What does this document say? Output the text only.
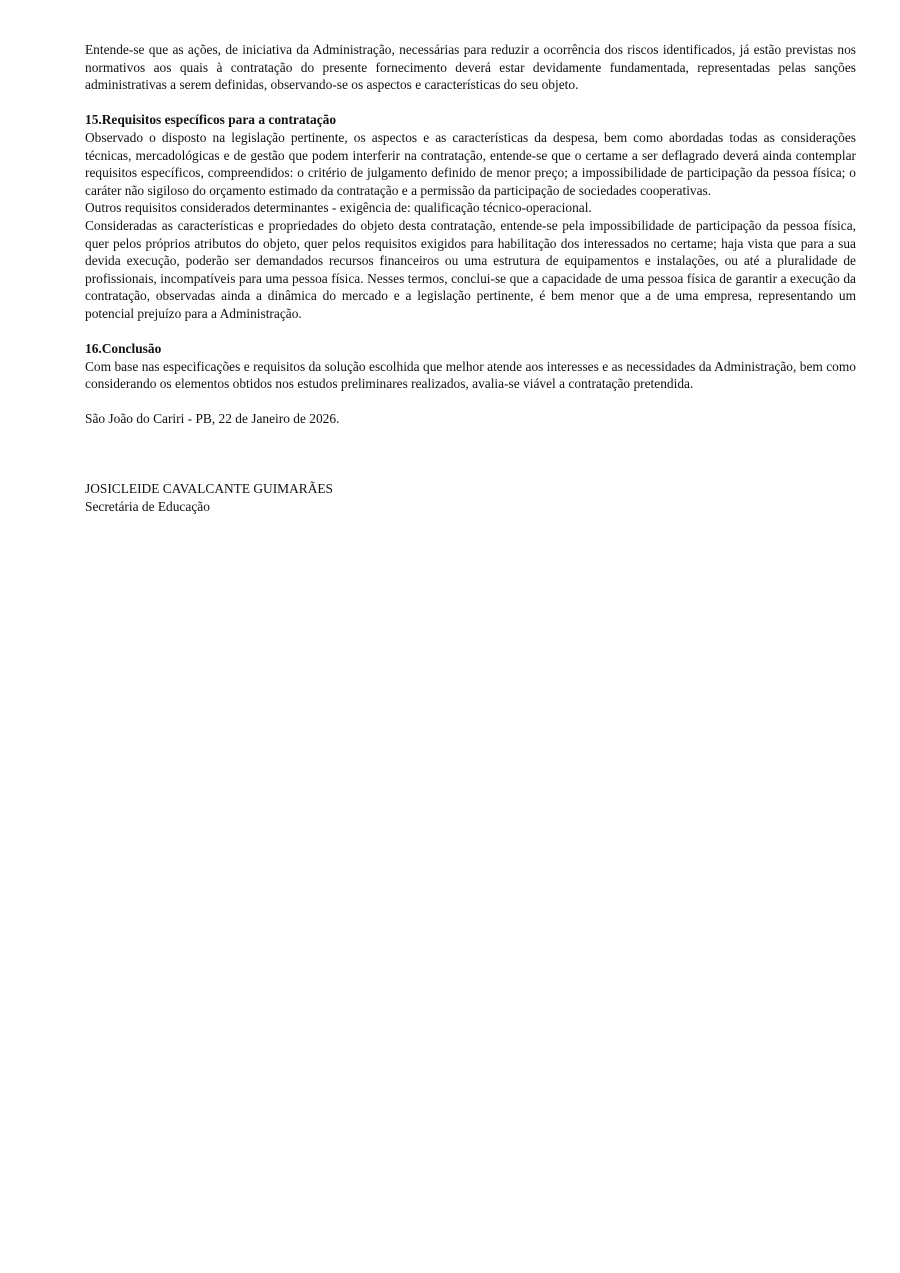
Entende-se que as ações, de iniciativa da Administração, necessárias para reduzir a ocorrência dos riscos identificados, já estão previstas nos normativos aos quais à contratação do presente fornecimento deverá estar devidamente fundamentada, representadas pelas sanções administrativas a serem definidas, observando-se os aspectos e características do seu objeto.

15.Requisitos específicos para a contratação

Observado o disposto na legislação pertinente, os aspectos e as características da despesa, bem como abordadas todas as considerações técnicas, mercadológicas e de gestão que podem interferir na contratação, entende-se que o certame a ser deflagrado deverá ainda contemplar requisitos específicos, compreendidos: o critério de julgamento definido de menor preço; a impossibilidade de participação da pessoa física; o caráter não sigiloso do orçamento estimado da contratação e a permissão da participação de sociedades cooperativas.

Outros requisitos considerados determinantes - exigência de: qualificação técnico-operacional.

Consideradas as características e propriedades do objeto desta contratação, entende-se pela impossibilidade de participação da pessoa física, quer pelos próprios atributos do objeto, quer pelos requisitos exigidos para habilitação dos interessados no certame; haja vista que para a sua devida execução, poderão ser demandados recursos financeiros ou uma estrutura de equipamentos e instalações, ou até a pluralidade de profissionais, incompatíveis para uma pessoa física. Nesses termos, conclui-se que a capacidade de uma pessoa física de garantir a execução da contratação, observadas ainda a dinâmica do mercado e a legislação pertinente, é bem menor que a de uma empresa, representando um potencial prejuízo para a Administração.

16.Conclusão

Com base nas especificações e requisitos da solução escolhida que melhor atende aos interesses e as necessidades da Administração, bem como considerando os elementos obtidos nos estudos preliminares realizados, avalia-se viável a contratação pretendida.

São João do Cariri - PB, 22 de Janeiro de 2026.

JOSICLEIDE CAVALCANTE GUIMARÃES

Secretária de Educação
